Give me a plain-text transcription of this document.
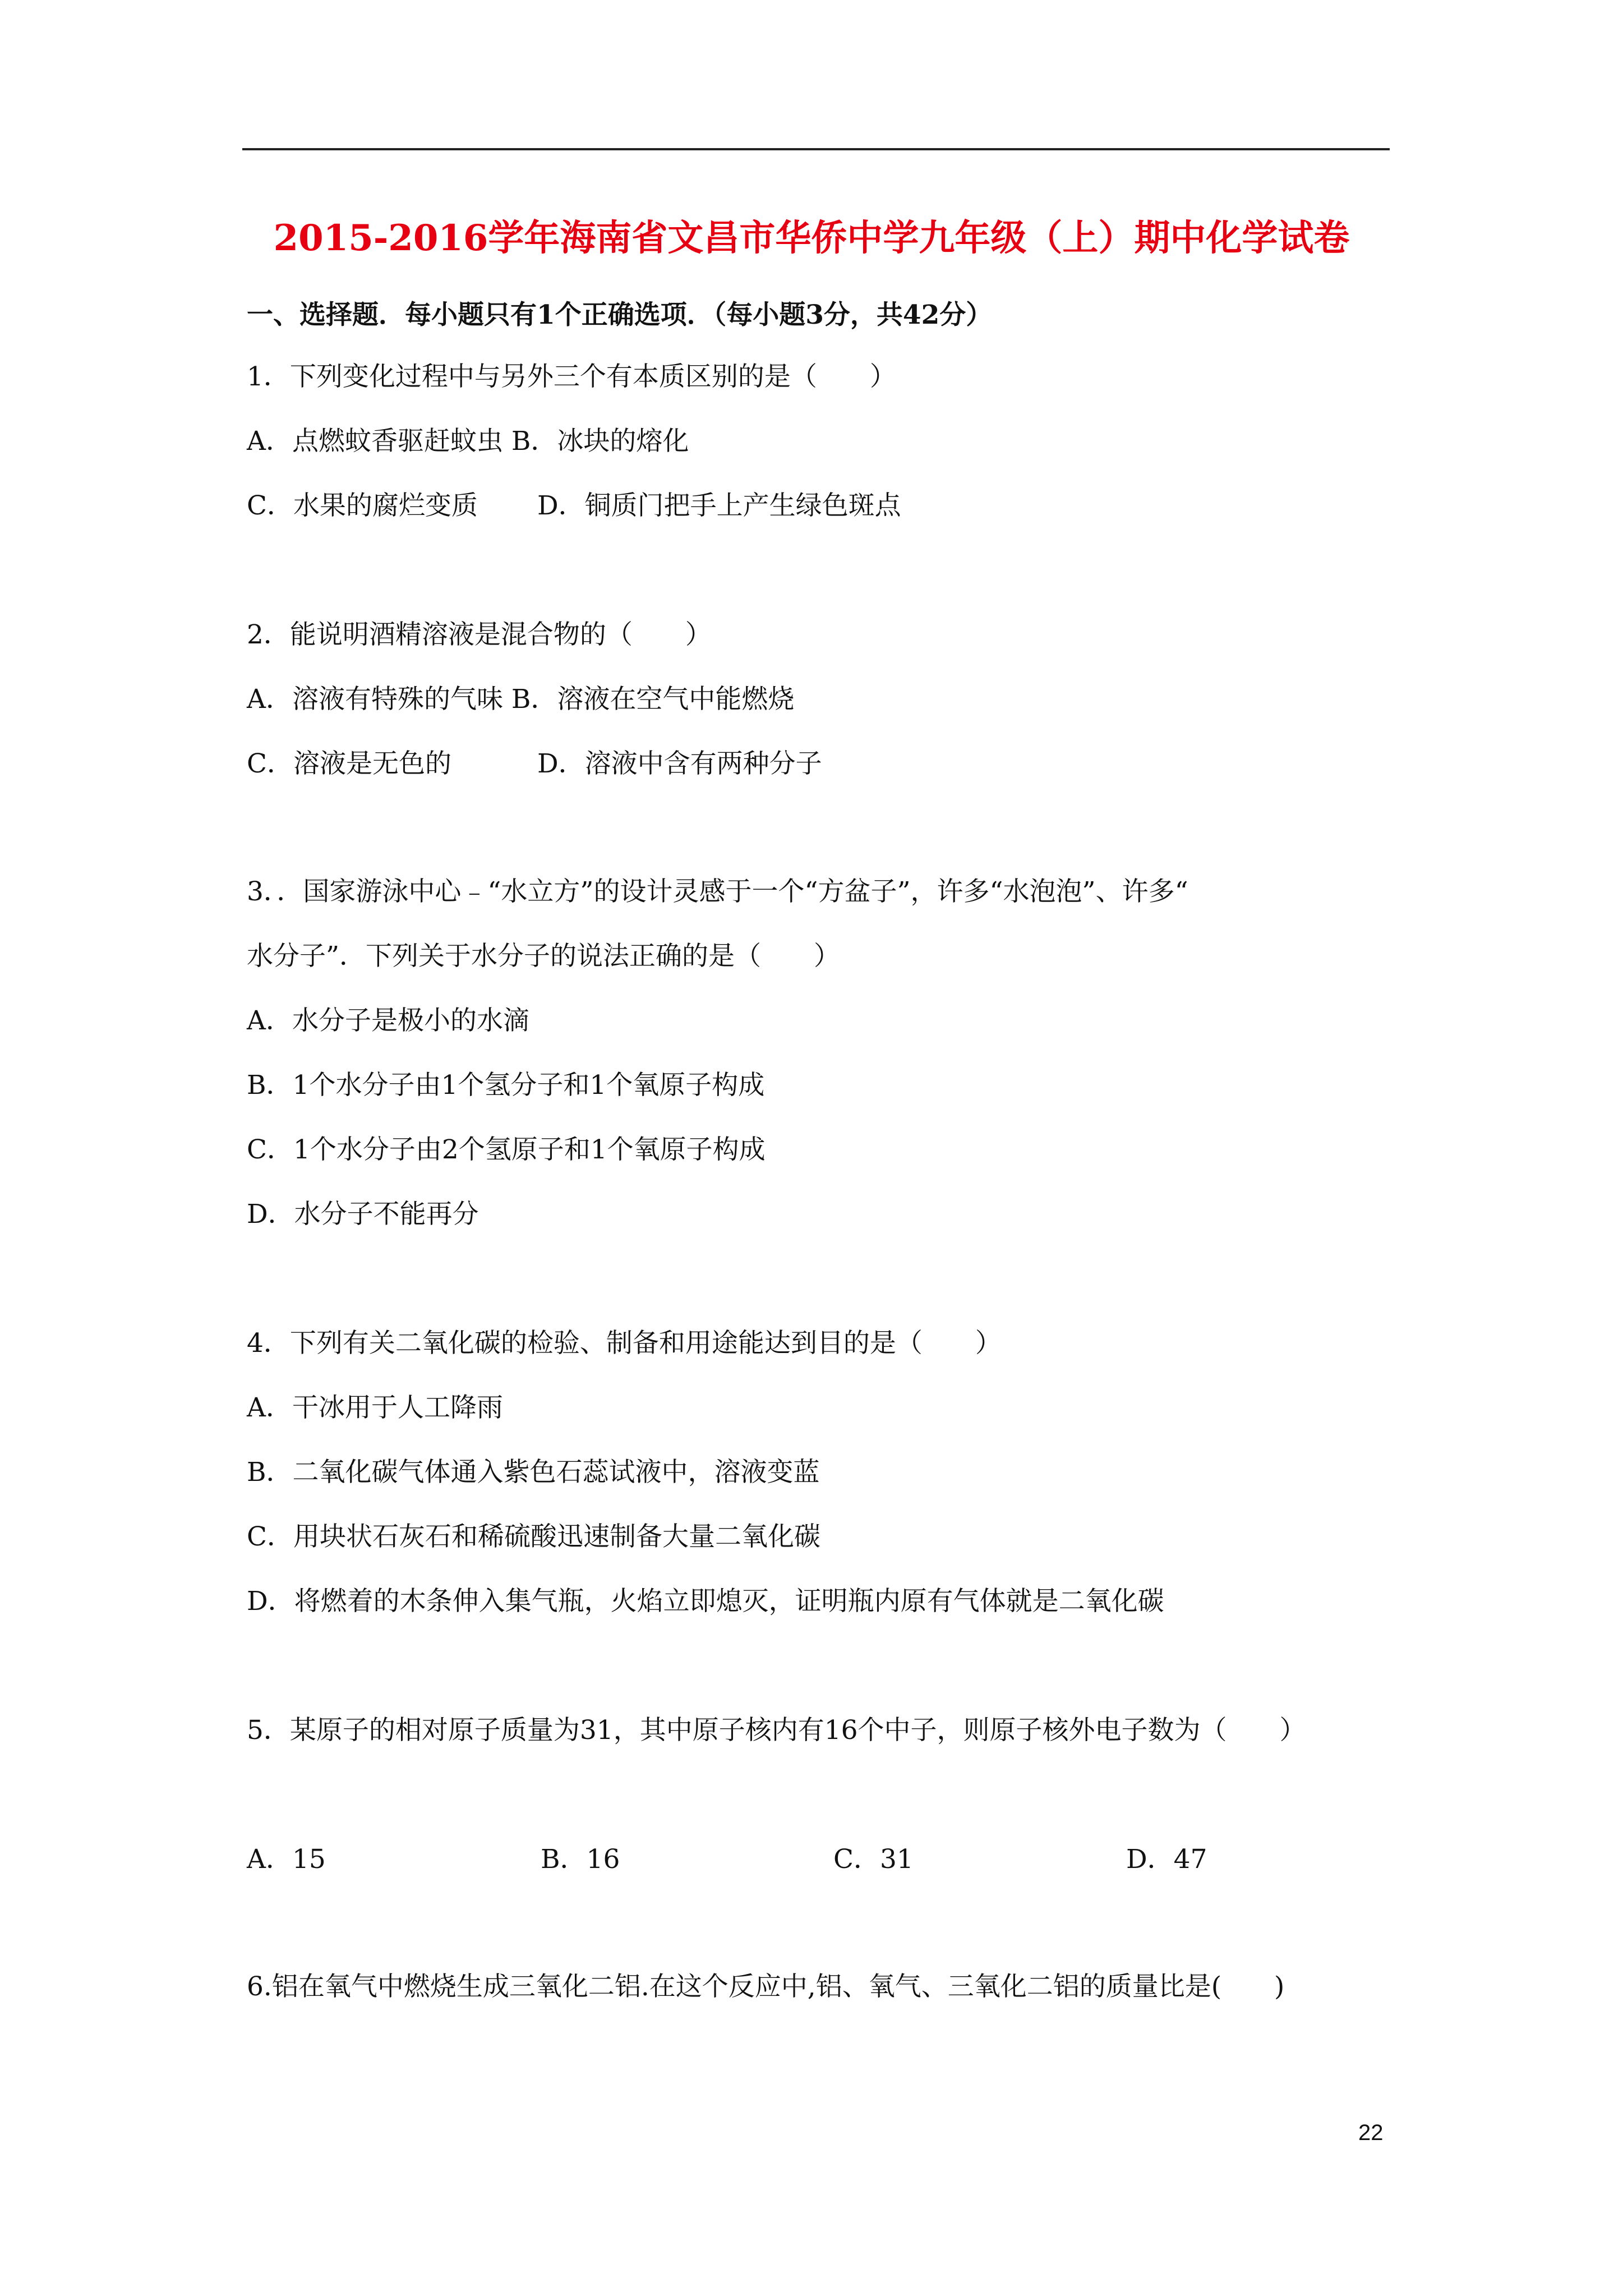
2015-2016学年海南省文昌市华侨中学九年级（上）期中化学试卷
一、选择题．每小题只有1个正确选项．（每小题3分，共42分）
1．下列变化过程中与另外三个有本质区别的是（　　）
A．点燃蚊香驱赶蚊虫 B．冰块的熔化
C．水果的腐烂变质 D．铜质门把手上产生绿色斑点
2．能说明酒精溶液是混合物的（　　）
A．溶液有特殊的气味 B．溶液在空气中能燃烧
C．溶液是无色的	D．溶液中含有两种分子
3．．国家游泳中心﹣“水立方”的设计灵感于一个“方盆子”，许多“水泡泡”、许多“
水分子”．下列关于水分子的说法正确的是（　　）
A．水分子是极小的水滴
B．1个水分子由1个氢分子和1个氧原子构成
C．1个水分子由2个氢原子和1个氧原子构成
D．水分子不能再分
4．下列有关二氧化碳的检验、制备和用途能达到目的是（　　）
A．干冰用于人工降雨
B．二氧化碳气体通入紫色石蕊试液中，溶液变蓝
C．用块状石灰石和稀硫酸迅速制备大量二氧化碳
D．将燃着的木条伸入集气瓶，火焰立即熄灭，证明瓶内原有气体就是二氧化碳
5．某原子的相对原子质量为31，其中原子核内有16个中子，则原子核外电子数为（　　）
A．15	B．16	C．31	D．47
6.铝在氧气中燃烧生成三氧化二铝.在这个反应中,铝、氧气、三氧化二铝的质量比是(　　)
22
